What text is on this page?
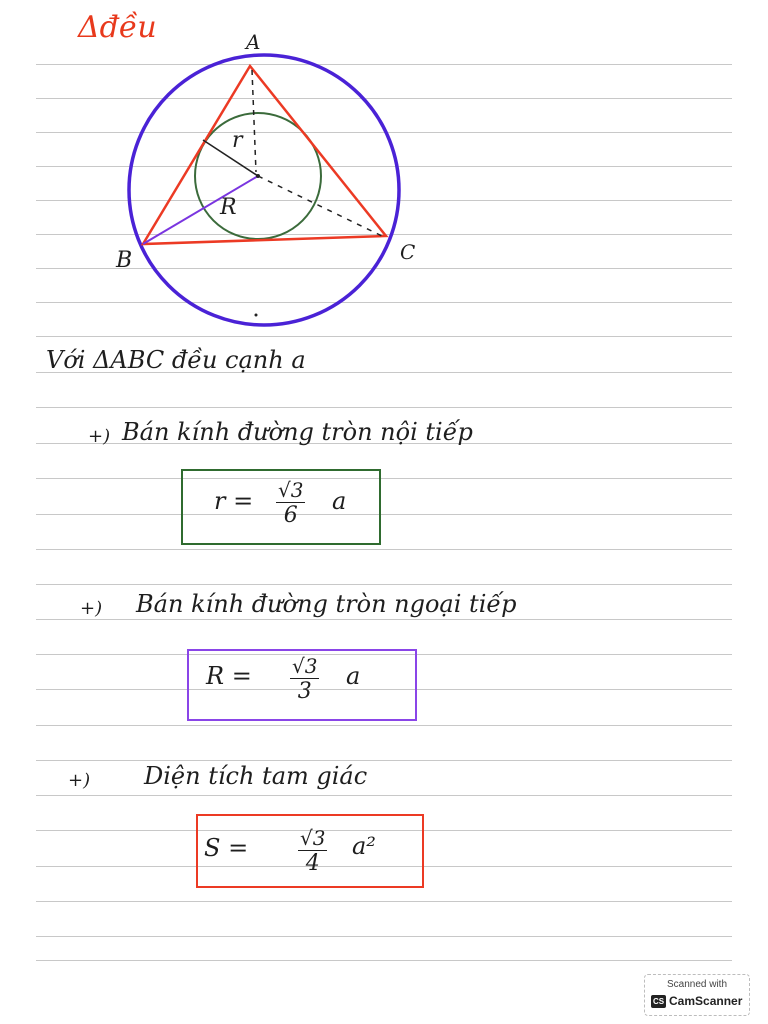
Δđều	A
B	C
r
R
Với ΔABC đều cạnh a
+) Bán kính đường tròn nội tiếp
$r = \frac{√3}{6}$ a
+) Bán kính đường tròn ngoại tiếp
$R = \frac{√3}{3}$ a
+) Diện tích tam giác
$S = \frac{√3}{4} a^2$
Scanned with
CS CamScanner
